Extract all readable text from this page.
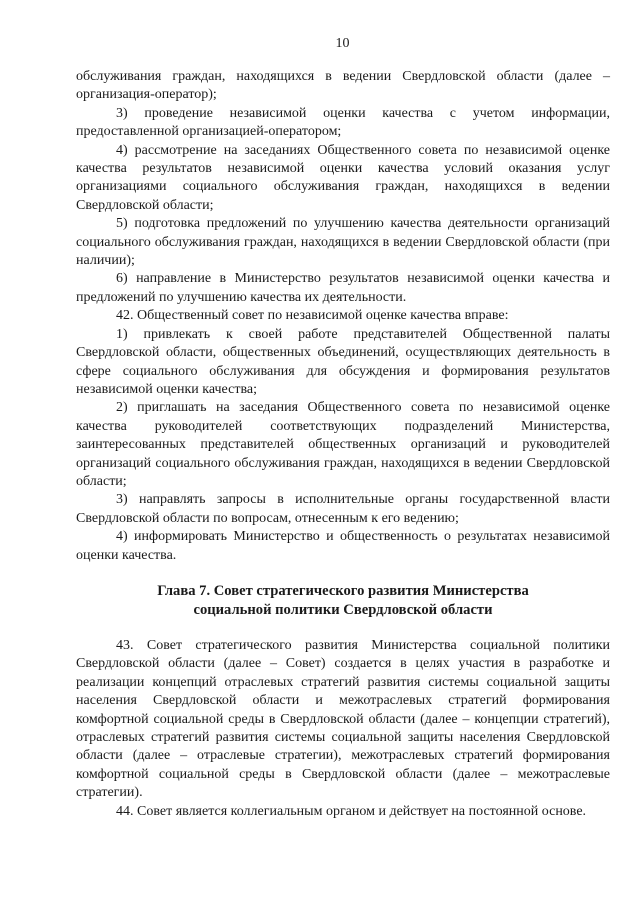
10

обслуживания граждан, находящихся в ведении Свердловской области (далее – организация-оператор);

3) проведение независимой оценки качества с учетом информации, предоставленной организацией-оператором;

4) рассмотрение на заседаниях Общественного совета по независимой оценке качества результатов независимой оценки качества условий оказания услуг организациями социального обслуживания граждан, находящихся в ведении Свердловской области;

5) подготовка предложений по улучшению качества деятельности организаций социального обслуживания граждан, находящихся в ведении Свердловской области (при наличии);

6) направление в Министерство результатов независимой оценки качества и предложений по улучшению качества их деятельности.

42. Общественный совет по независимой оценке качества вправе:

1) привлекать к своей работе представителей Общественной палаты Свердловской области, общественных объединений, осуществляющих деятельность в сфере социального обслуживания для обсуждения и формирования результатов независимой оценки качества;

2) приглашать на заседания Общественного совета по независимой оценке качества руководителей соответствующих подразделений Министерства, заинтересованных представителей общественных организаций и руководителей организаций социального обслуживания граждан, находящихся в ведении Свердловской области;

3) направлять запросы в исполнительные органы государственной власти Свердловской области по вопросам, отнесенным к его ведению;

4) информировать Министерство и общественность о результатах независимой оценки качества.

Глава 7. Совет стратегического развития Министерства

социальной политики Свердловской области

43. Совет стратегического развития Министерства социальной политики Свердловской области (далее – Совет) создается в целях участия в разработке и реализации концепций отраслевых стратегий развития системы социальной защиты населения Свердловской области и межотраслевых стратегий формирования комфортной социальной среды в Свердловской области (далее – концепции стратегий), отраслевых стратегий развития системы социальной защиты населения Свердловской области (далее – отраслевые стратегии), межотраслевых стратегий формирования комфортной социальной среды в Свердловской области (далее – межотраслевые стратегии).

44. Совет является коллегиальным органом и действует на постоянной основе.
